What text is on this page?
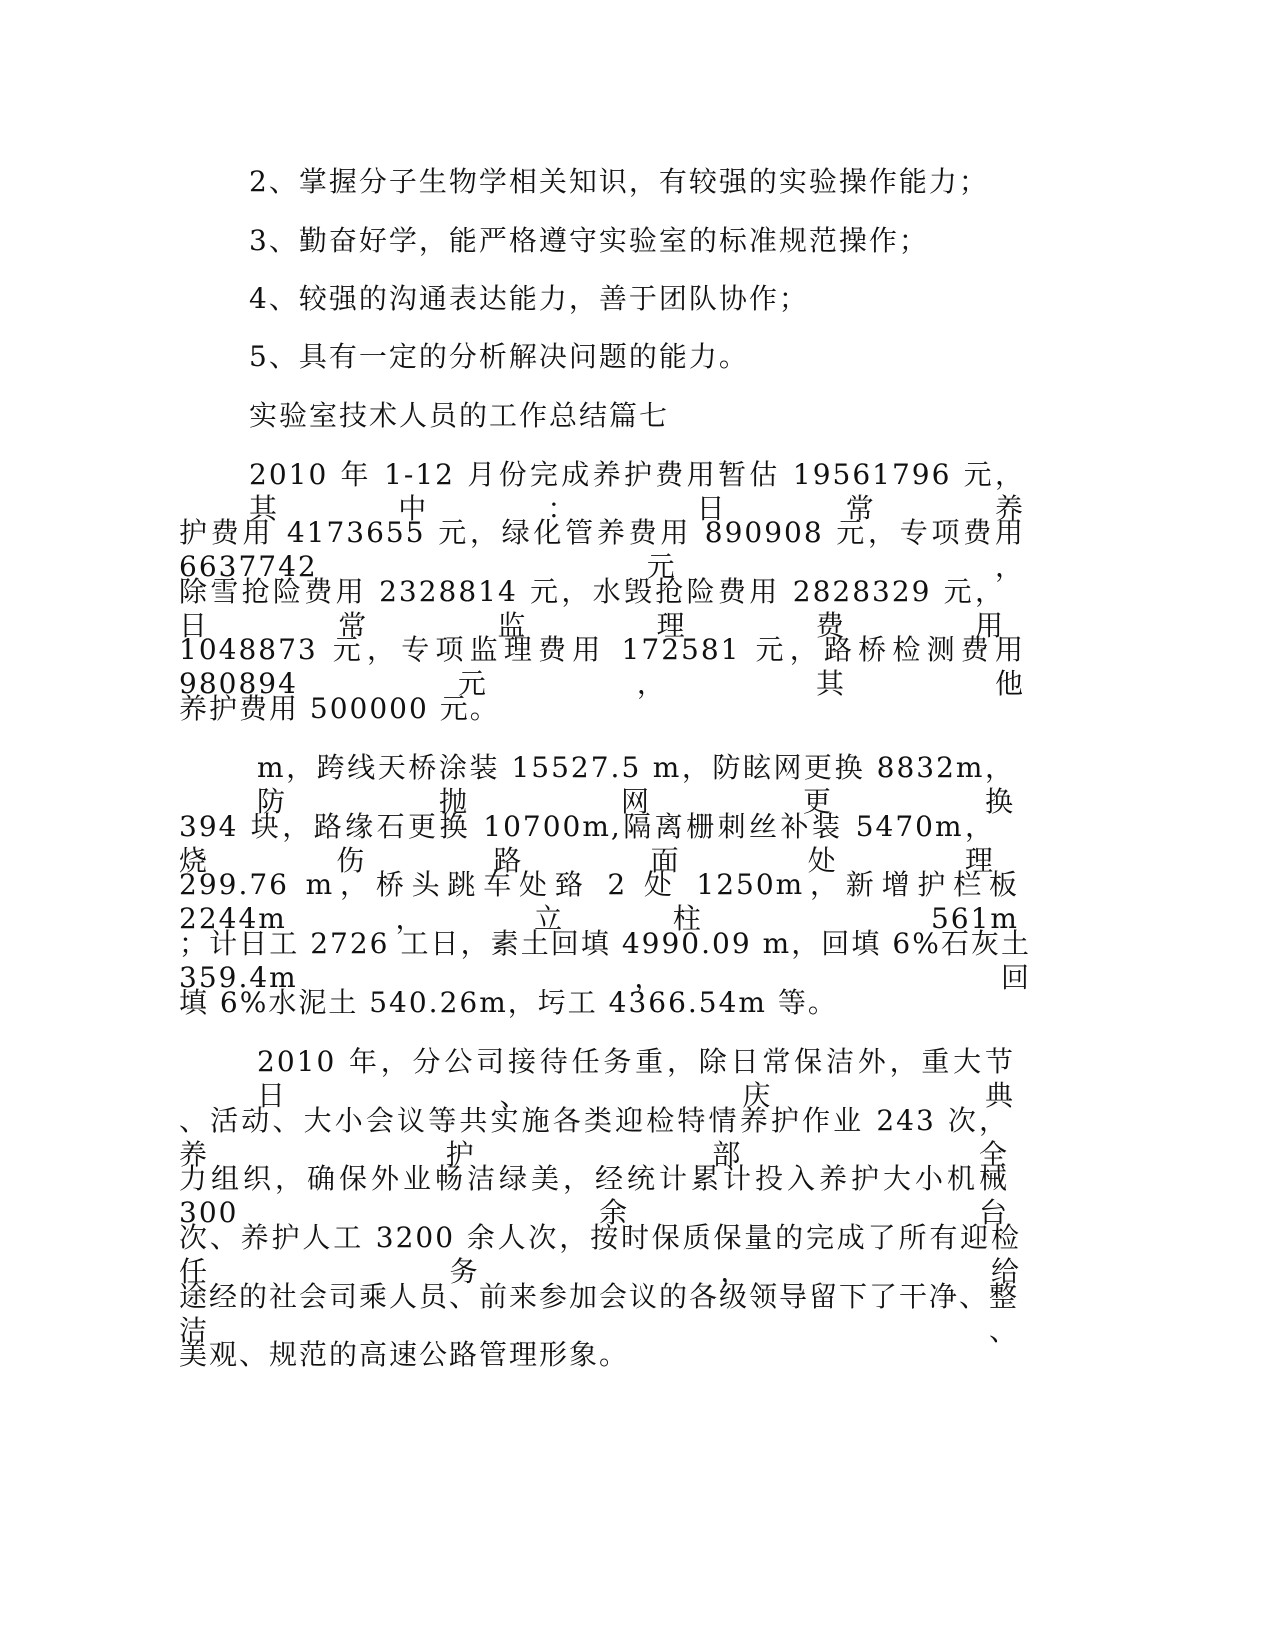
2、掌握分子生物学相关知识，有较强的实验操作能力；
3、勤奋好学，能严格遵守实验室的标准规范操作；
4、较强的沟通表达能力，善于团队协作；
5、具有一定的分析解决问题的能力。
实验室技术人员的工作总结篇七
2010 年 1-12 月份完成养护费用暂估 19561796 元，其中：日常养
护费用 4173655 元，绿化管养费用 890908 元，专项费用 6637742 元，
除雪抢险费用 2328814 元，水毁抢险费用 2828329 元，日常监理费用
1048873 元，专项监理费用 172581 元，路桥检测费用 980894 元，其他
养护费用 500000 元。
m，跨线天桥涂装 15527.5 m，防眩网更换 8832m，防抛网更换
394 块，路缘石更换 10700m,隔离栅刺丝补装 5470m，烧伤路面处理
299.76 m，桥头跳车处臵 2 处 1250m，新增护栏板 2244m，立柱 561m
；计日工 2726 工日，素土回填 4990.09 m，回填 6%石灰土 359.4m，回
填 6%水泥土 540.26m，圬工 4366.54m 等。
2010 年，分公司接待任务重，除日常保洁外，重大节日、庆典
、活动、大小会议等共实施各类迎检特情养护作业 243 次，养护部全
力组织，确保外业畅洁绿美，经统计累计投入养护大小机械 300 余台
次、养护人工 3200 余人次，按时保质保量的完成了所有迎检任务，给
途经的社会司乘人员、前来参加会议的各级领导留下了干净、整洁、
美观、规范的高速公路管理形象。
